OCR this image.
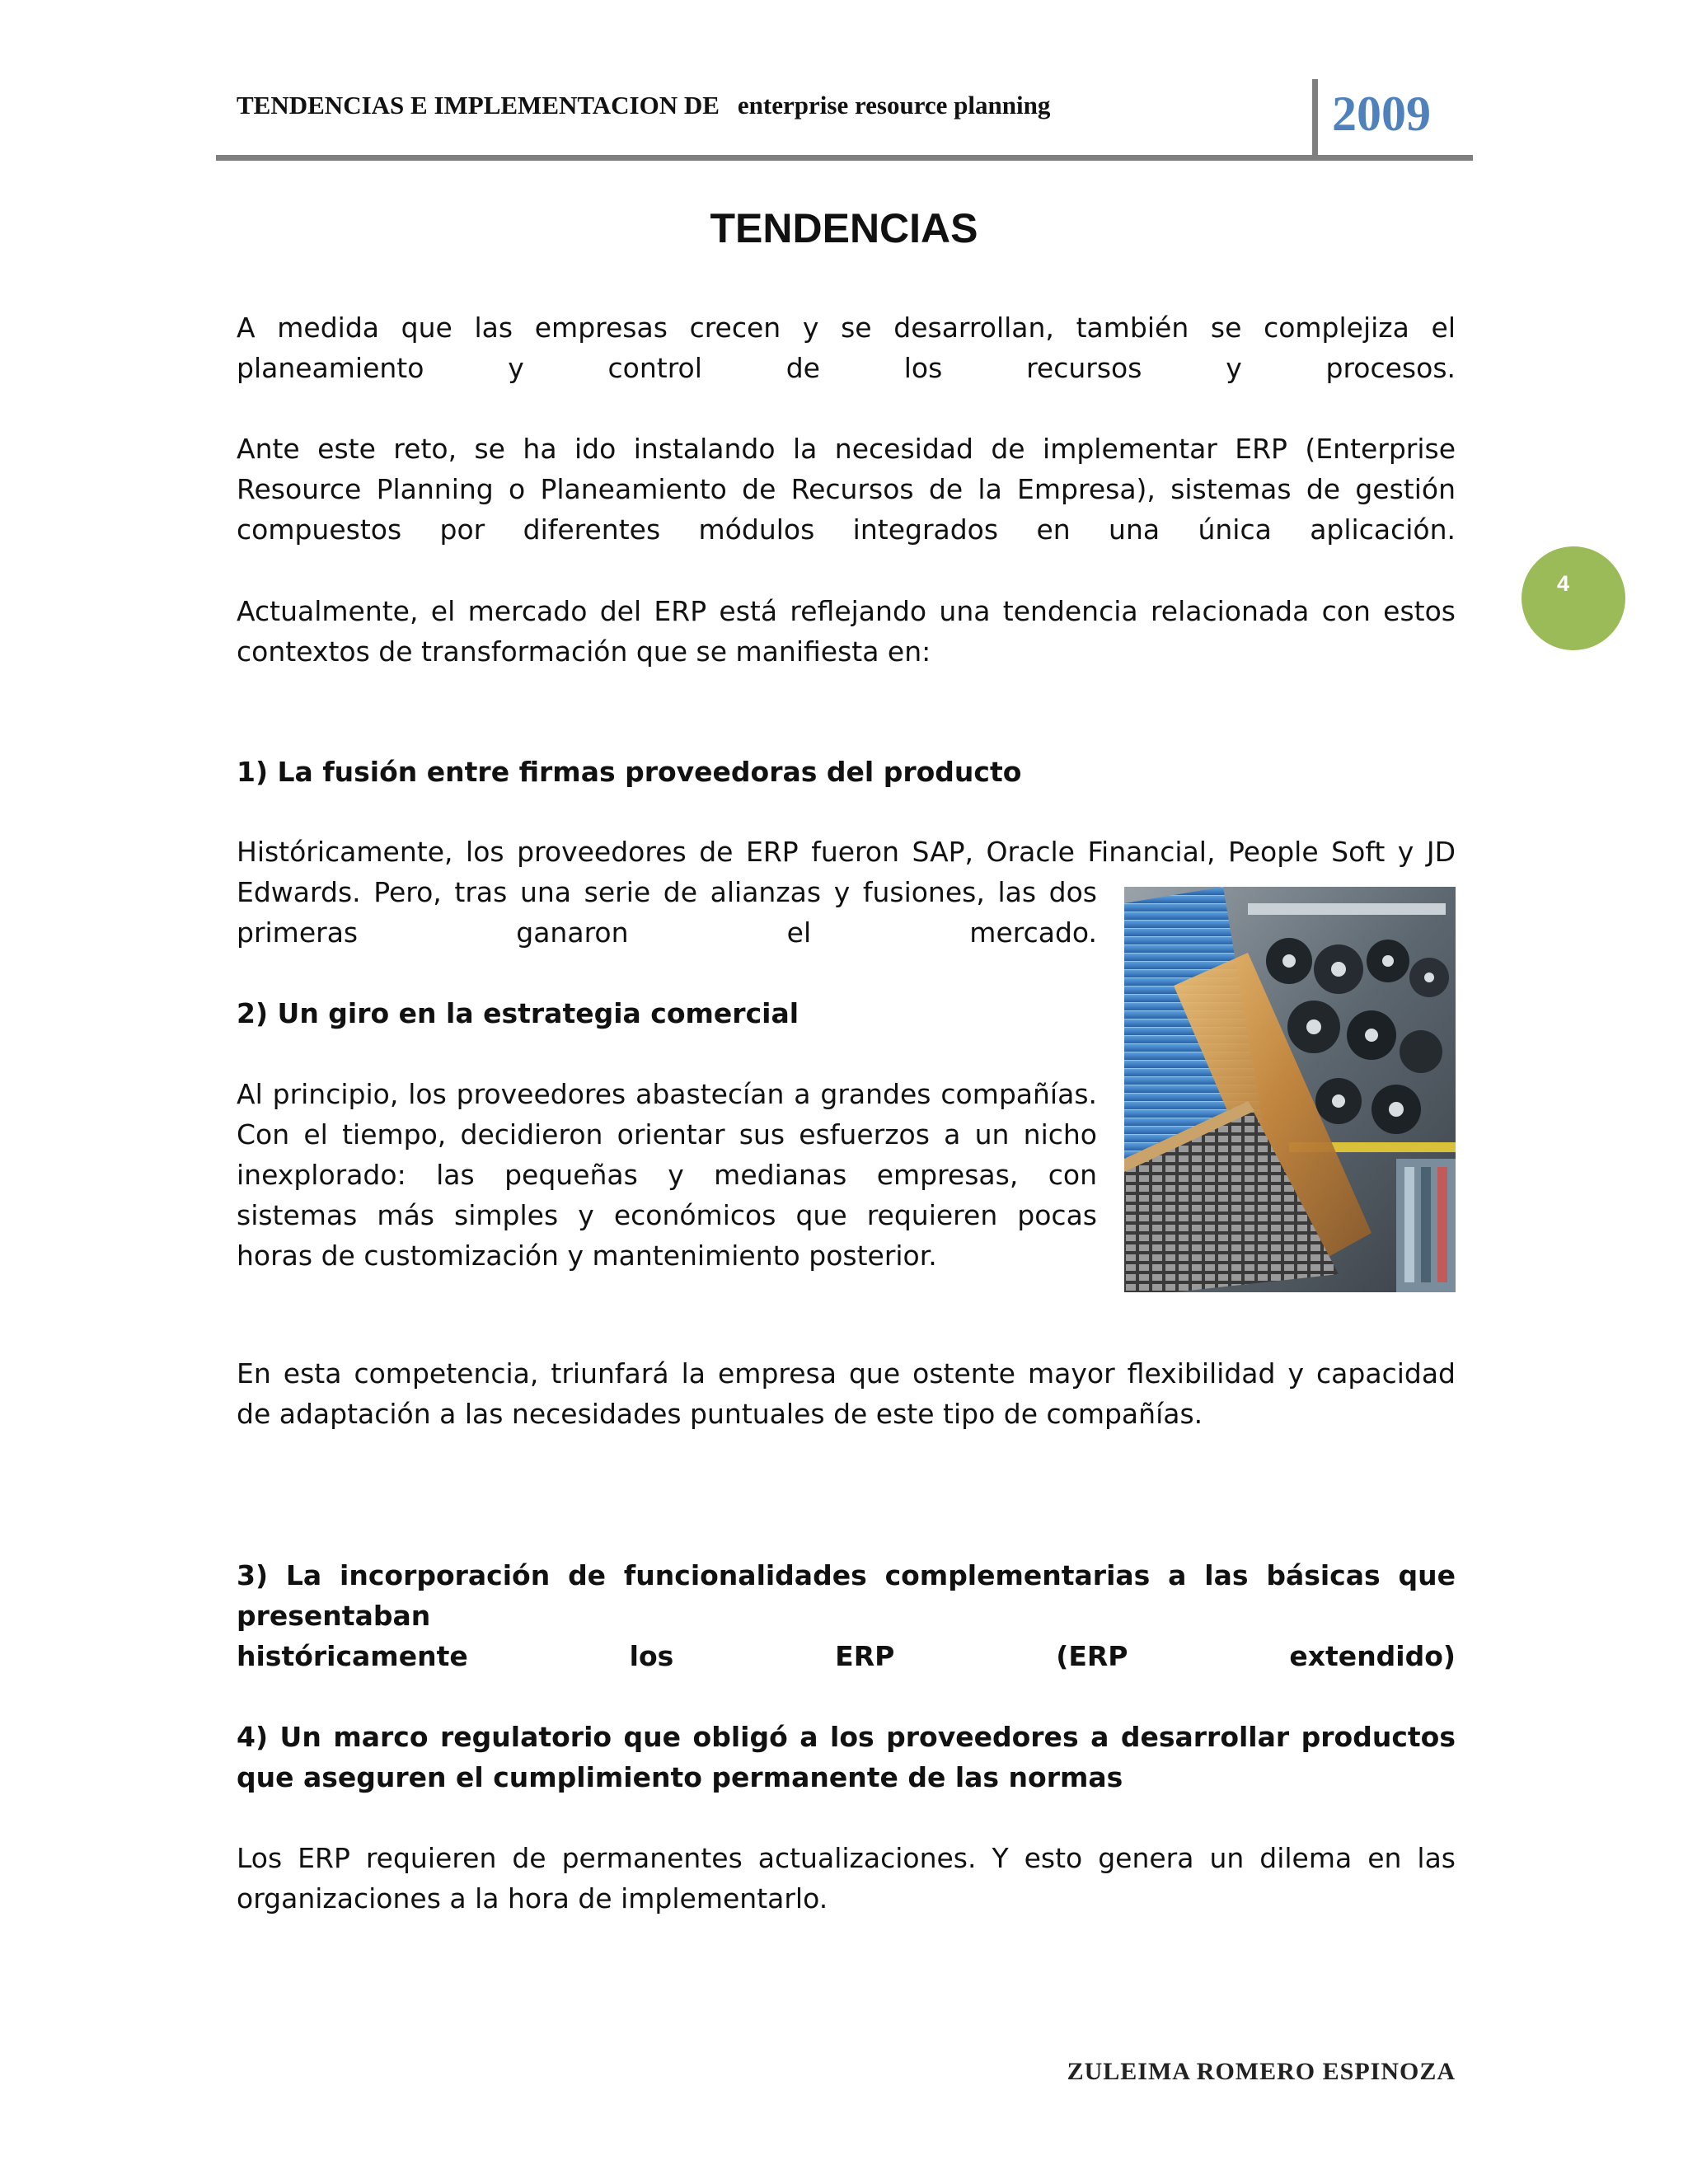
TENDENCIAS E IMPLEMENTACION DE enterprise resource planning	2009
4
TENDENCIAS

A medida que las empresas crecen y se desarrollan, también se complejiza el

planeamiento y control de los recursos y procesos.

Ante este reto, se ha ido instalando la necesidad de implementar ERP (Enterprise

Resource Planning o Planeamiento de Recursos de la Empresa), sistemas de gestión

compuestos por diferentes módulos integrados en una única aplicación.

Actualmente, el mercado del ERP está reflejando una tendencia relacionada con estos contextos de transformación que se manifiesta en:

1) La fusión entre firmas proveedoras del producto

Históricamente, los proveedores de ERP fueron SAP, Oracle Financial, People Soft y JD

Edwards. Pero, tras una serie de alianzas y fusiones, las dos

primeras ganaron el mercado.

2) Un giro en la estrategia comercial

Al principio, los proveedores abastecían a grandes compañías. Con el tiempo, decidieron orientar sus esfuerzos a un nicho inexplorado: las pequeñas y medianas empresas, con sistemas más simples y económicos que requieren pocas horas de customización y mantenimiento posterior.

En esta competencia, triunfará la empresa que ostente mayor flexibilidad y capacidad de adaptación a las necesidades puntuales de este tipo de compañías.

3) La incorporación de funcionalidades complementarias a las básicas que presentaban

históricamente los ERP (ERP extendido)

4) Un marco regulatorio que obligó a los proveedores a desarrollar productos que aseguren el cumplimiento permanente de las normas

Los ERP requieren de permanentes actualizaciones. Y esto genera un dilema en las organizaciones a la hora de implementarlo.

ZULEIMA ROMERO ESPINOZA
